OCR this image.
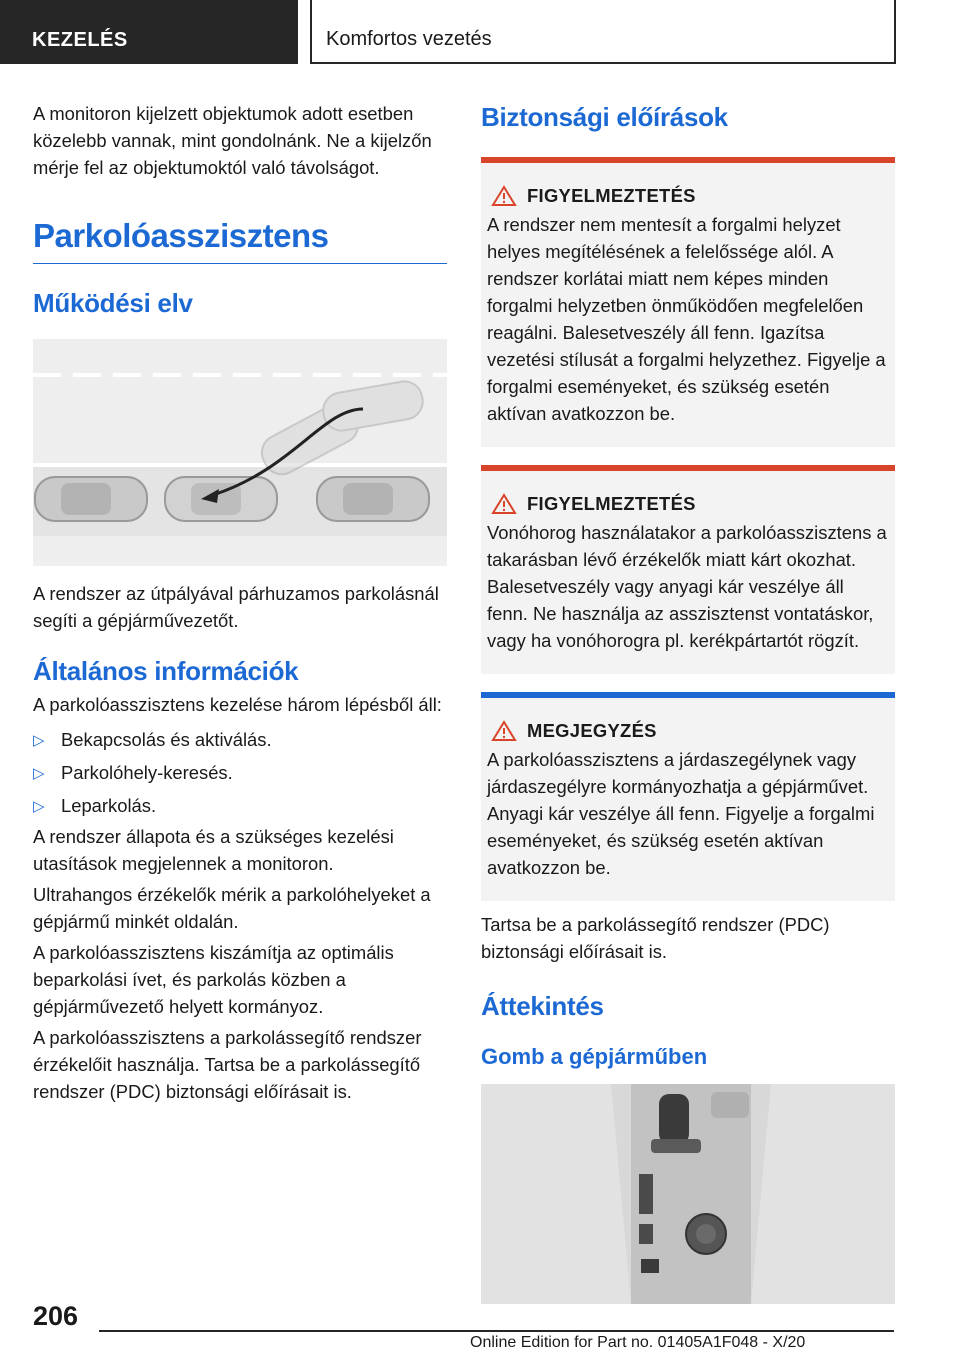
KEZELÉS	Komfortos vezetés

A monitoron kijelzett objektumok adott esetben közelebb vannak, mint gondolnánk. Ne a kijelzőn mérje fel az objektumoktól való távolságot.

Parkolóasszisztens
Működési elv

A rendszer az útpályával párhuzamos parkolásnál segíti a gépjárművezetőt.

Általános információk

A parkolóasszisztens kezelése három lépésből áll:

▷ Bekapcsolás és aktiválás.
▷ Parkolóhely-keresés.
▷ Leparkolás.

A rendszer állapota és a szükséges kezelési utasítások megjelennek a monitoron.

Ultrahangos érzékelők mérik a parkolóhelyeket a gépjármű minkét oldalán.

A parkolóasszisztens kiszámítja az optimális beparkolási ívet, és parkolás közben a gépjárművezető helyett kormányoz.

A parkolóasszisztens a parkolássegítő rendszer érzékelőit használja. Tartsa be a parkolássegítő rendszer (PDC) biztonsági előírásait is.

Biztonsági előírások
FIGYELMEZTETÉS

A rendszer nem mentesít a forgalmi helyzet helyes megítélésének a felelőssége alól. A rendszer korlátai miatt nem képes minden forgalmi helyzetben önműködően megfelelően reagálni. Balesetveszély áll fenn. Igazítsa vezetési stílusát a forgalmi helyzethez. Figyelje a forgalmi eseményeket, és szükség esetén aktívan avatkozzon be.

FIGYELMEZTETÉS

Vonóhorog használatakor a parkolóasszisztens a takarásban lévő érzékelők miatt kárt okozhat. Balesetveszély vagy anyagi kár veszélye áll fenn. Ne használja az asszisztenst vontatáskor, vagy ha vonóhorogra pl. kerékpártartót rögzít.

MEGJEGYZÉS

A parkolóasszisztens a járdaszegélynek vagy járdaszegélyre kormányozhatja a gépjárművet. Anyagi kár veszélye áll fenn. Figyelje a forgalmi eseményeket, és szükség esetén aktívan avatkozzon be.

Tartsa be a parkolássegítő rendszer (PDC) biztonsági előírásait is.

Áttekintés
Gomb a gépjárműben
206
Online Edition for Part no. 01405A1F048 - X/20
